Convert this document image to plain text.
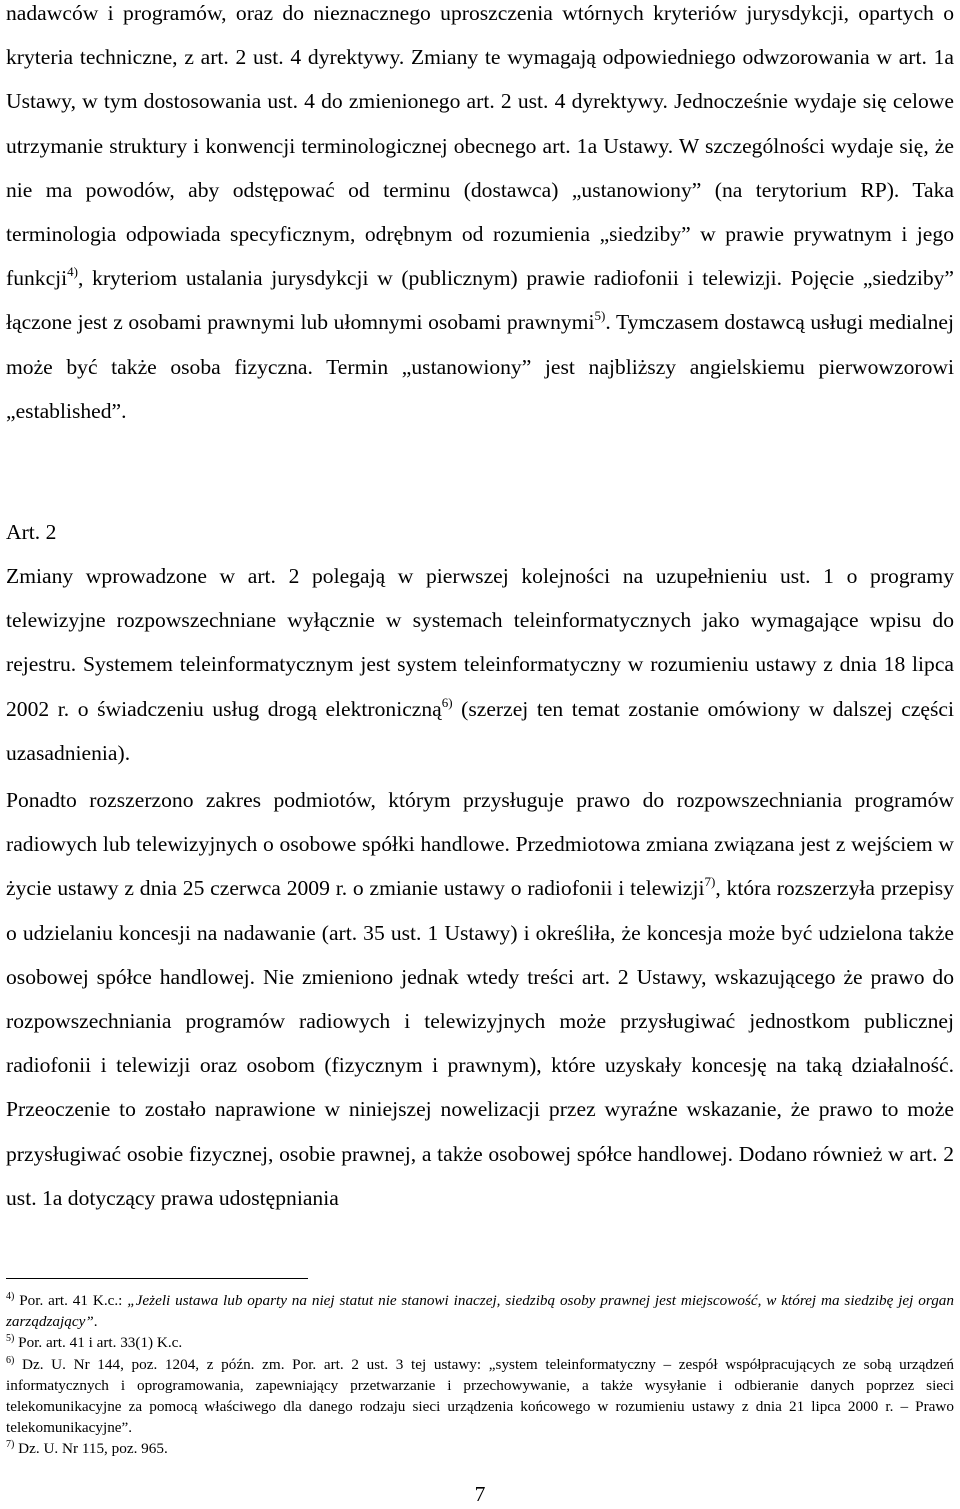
nadawców i programów, oraz do nieznacznego uproszczenia wtórnych kryteriów jurysdykcji, opartych o kryteria techniczne, z art. 2 ust. 4 dyrektywy. Zmiany te wymagają odpowiedniego odwzorowania w art. 1a Ustawy, w tym dostosowania ust. 4 do zmienionego art. 2 ust. 4 dyrektywy. Jednocześnie wydaje się celowe utrzymanie struktury i konwencji terminologicznej obecnego art. 1a Ustawy. W szczególności wydaje się, że nie ma powodów, aby odstępować od terminu (dostawca) „ustanowiony” (na terytorium RP). Taka terminologia odpowiada specyficznym, odrębnym od rozumienia „siedziby” w prawie prywatnym i jego funkcji$^{4)}$, kryteriom ustalania jurysdykcji w (publicznym) prawie radiofonii i telewizji. Pojęcie „siedziby” łączone jest z osobami prawnymi lub ułomnymi osobami prawnymi$^{5)}$. Tymczasem dostawcą usługi medialnej może być także osoba fizyczna. Termin „ustanowiony” jest najbliższy angielskiemu pierwowzorowi „established”.

Art. 2

Zmiany wprowadzone w art. 2 polegają w pierwszej kolejności na uzupełnieniu ust. 1 o programy telewizyjne rozpowszechniane wyłącznie w systemach teleinformatycznych jako wymagające wpisu do rejestru. Systemem teleinformatycznym jest system teleinformatyczny w rozumieniu ustawy z dnia 18 lipca 2002 r. o świadczeniu usług drogą elektroniczną$^{6)}$ (szerzej ten temat zostanie omówiony w dalszej części uzasadnienia).

Ponadto rozszerzono zakres podmiotów, którym przysługuje prawo do rozpowszechniania programów radiowych lub telewizyjnych o osobowe spółki handlowe. Przedmiotowa zmiana związana jest z wejściem w życie ustawy z dnia 25 czerwca 2009 r. o zmianie ustawy o radiofonii i telewizji$^{7)}$, która rozszerzyła przepisy o udzielaniu koncesji na nadawanie (art. 35 ust. 1 Ustawy) i określiła, że koncesja może być udzielona także osobowej spółce handlowej. Nie zmieniono jednak wtedy treści art. 2 Ustawy, wskazującego że prawo do rozpowszechniania programów radiowych i telewizyjnych może przysługiwać jednostkom publicznej radiofonii i telewizji oraz osobom (fizycznym i prawnym), które uzyskały koncesję na taką działalność. Przeoczenie to zostało naprawione w niniejszej nowelizacji przez wyraźne wskazanie, że prawo to może przysługiwać osobie fizycznej, osobie prawnej, a także osobowej spółce handlowej. Dodano również w art. 2 ust. 1a dotyczący prawa udostępniania

$^{4)}$ Por. art. 41 K.c.: „Jeżeli ustawa lub oparty na niej statut nie stanowi inaczej, siedzibą osoby prawnej jest miejscowość, w której ma siedzibę jej organ zarządzający”.

$^{5)}$ Por. art. 41 i art. 33(1) K.c.

$^{6)}$ Dz. U. Nr 144, poz. 1204, z późn. zm. Por. art. 2 ust. 3 tej ustawy: „system teleinformatyczny – zespół współpracujących ze sobą urządzeń informatycznych i oprogramowania, zapewniający przetwarzanie i przechowywanie, a także wysyłanie i odbieranie danych poprzez sieci telekomunikacyjne za pomocą właściwego dla danego rodzaju sieci urządzenia końcowego w rozumieniu ustawy z dnia 21 lipca 2000 r. – Prawo telekomunikacyjne”.

$^{7)}$ Dz. U. Nr 115, poz. 965.

7
